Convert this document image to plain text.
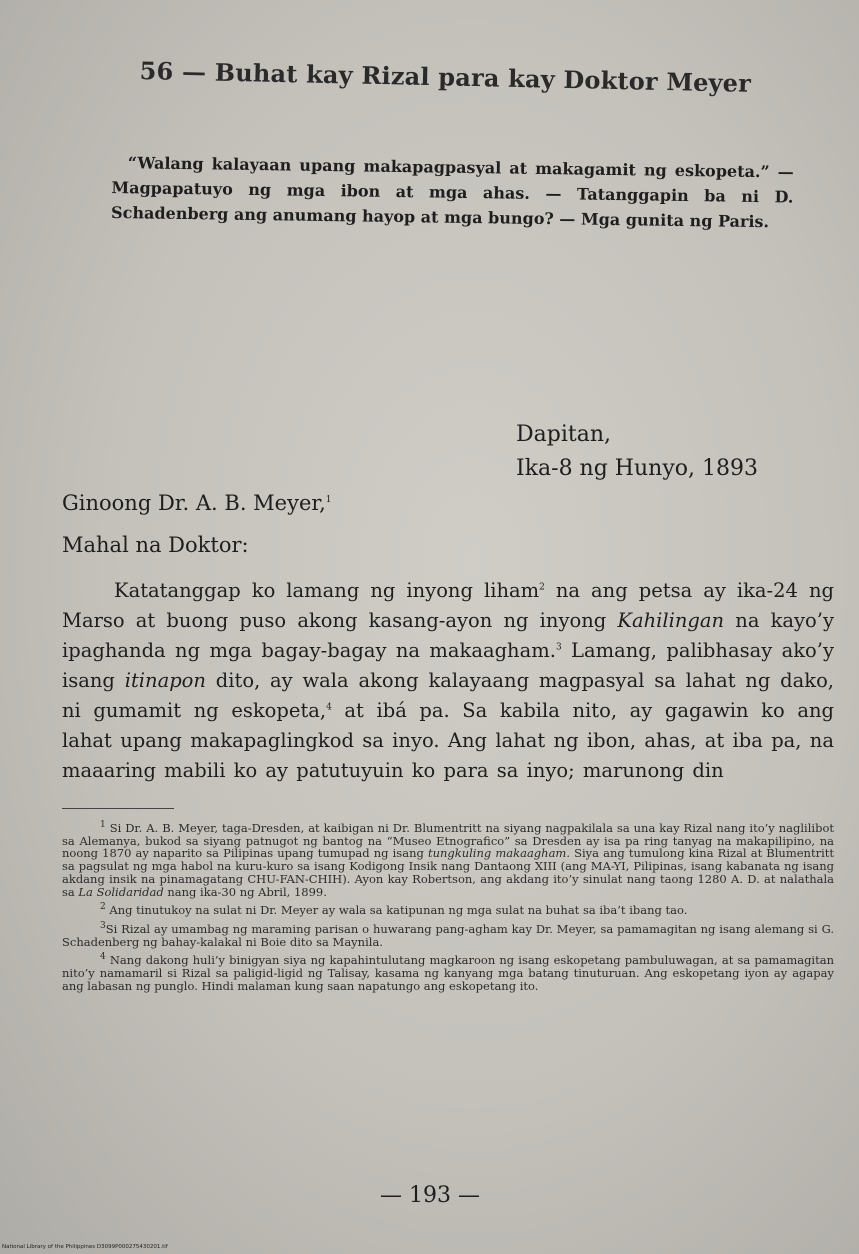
56 — Buhat kay Rizal para kay Doktor Meyer

“Walang kalayaan upang makapagpasyal at makagamit ng eskopeta.” — Magpapatuyo ng mga ibon at mga ahas. — Tatanggapin ba ni D. Schadenberg ang anumang hayop at mga bungo? — Mga gunita ng Paris.

Dapitan,
Ika-8 ng Hunyo, 1893
Ginoong Dr. A. B. Meyer,$^1$
Mahal na Doktor:

Katatanggap ko lamang ng inyong liham$^2$ na ang petsa ay ika-24 ng Marso at buong puso akong kasang-ayon ng inyong Kahilingan na kayo’y ipaghanda ng mga bagay-bagay na makaagham.$^3$ Lamang, palibhasay ako’y isang itinapon dito, ay wala akong kalayaang magpasyal sa lahat ng dako, ni gumamit ng eskopeta,$^4$ at ibá pa. Sa kabila nito, ay gagawin ko ang lahat upang makapaglingkod sa inyo. Ang lahat ng ibon, ahas, at iba pa, na maaaring mabili ko ay patutuyuin ko para sa inyo; marunong din

$^1$ Si Dr. A. B. Meyer, taga-Dresden, at kaibigan ni Dr. Blumentritt na siyang nagpakilala sa una kay Rizal nang ito’y naglilibot sa Alemanya, bukod sa siyang patnugot ng bantog na “Museo Etnografico” sa Dresden ay isa pa ring tanyag na makapilipino, na noong 1870 ay naparito sa Pilipinas upang tumupad ng isang tungkuling makaagham. Siya ang tumulong kina Rizal at Blumentritt sa pagsulat ng mga habol na kuru-kuro sa isang Kodigong Insik nang Dantaong XIII (ang MA-YI, Pilipinas, isang kabanata ng isang akdang insik na pinamagatang CHU-FAN-CHIH). Ayon kay Robertson, ang akdang ito’y sinulat nang taong 1280 A. D. at nalathala sa La Solidaridad nang ika-30 ng Abril, 1899.

$^2$ Ang tinutukoy na sulat ni Dr. Meyer ay wala sa katipunan ng mga sulat na buhat sa iba’t ibang tao.

$^3$Si Rizal ay umambag ng maraming parisan o huwarang pang-agham kay Dr. Meyer, sa pamamagitan ng isang alemang si G. Schadenberg ng bahay-kalakal ni Boie dito sa Maynila.

$^4$ Nang dakong huli’y binigyan siya ng kapahintulutang magkaroon ng isang eskopetang pambuluwagan, at sa pamamagitan nito’y namamaril si Rizal sa paligid-ligid ng Talisay, kasama ng kanyang mga batang tinuturuan. Ang eskopetang iyon ay agapay ang labasan ng punglo. Hindi malaman kung saan napatungo ang eskopetang ito.

— 193 —
National Library of the Philippines D3099P000275430201.tif
